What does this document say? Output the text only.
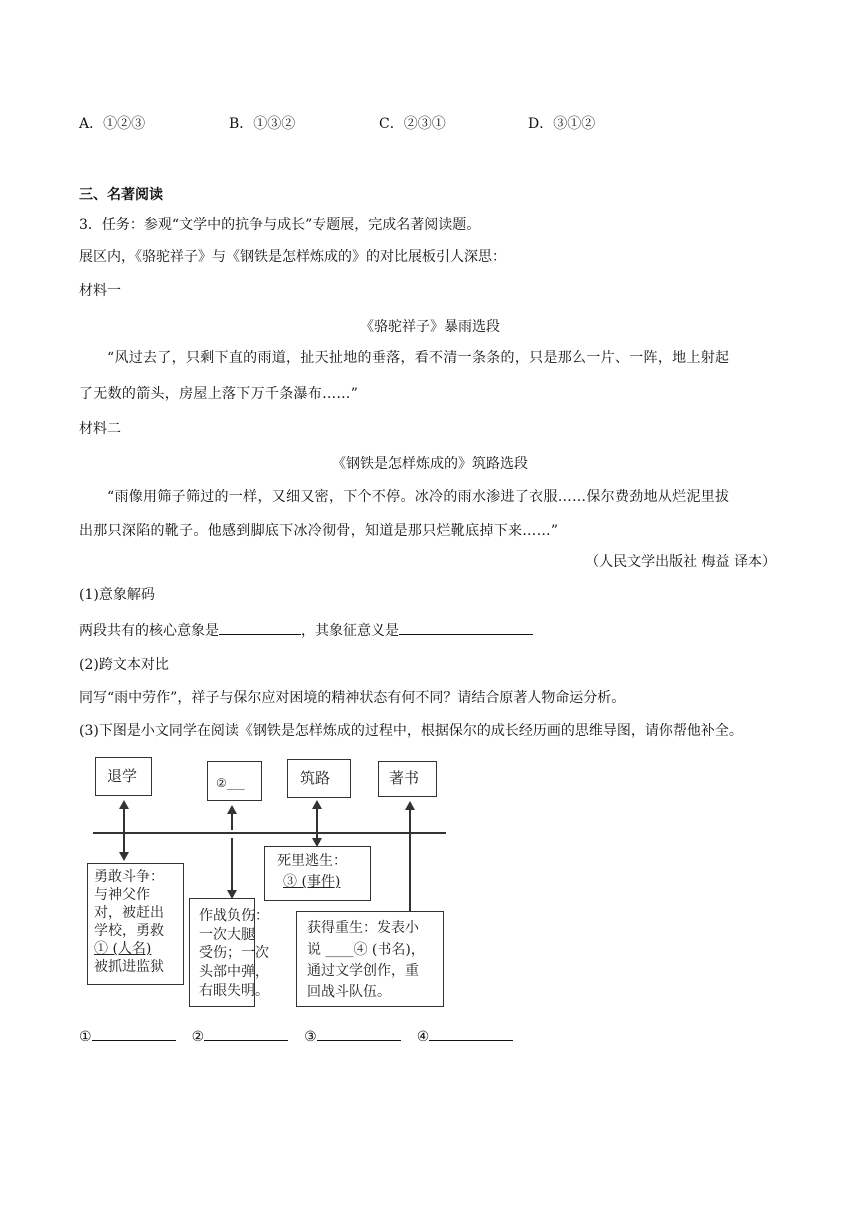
A．①②③	B．①③②	C．②③①	D．③①②
三、名著阅读
3．任务：参观“文学中的抗争与成长”专题展，完成名著阅读题。
展区内，《骆驼祥子》与《钢铁是怎样炼成的》的对比展板引人深思：
材料一
《骆驼祥子》暴雨选段
“风过去了，只剩下直的雨道，扯天扯地的垂落，看不清一条条的，只是那么一片、一阵，地上射起
了无数的箭头，房屋上落下万千条瀑布……”
材料二
《钢铁是怎样炼成的》筑路选段
“雨像用筛子筛过的一样，又细又密，下个不停。冰冷的雨水渗进了衣服……保尔费劲地从烂泥里拔
出那只深陷的靴子。他感到脚底下冰冷彻骨，知道是那只烂靴底掉下来……”
（人民文学出版社 梅益 译本）
(1)意象解码
两段共有的核心意象是	，其象征意义是
(2)跨文本对比
同写“雨中劳作”，祥子与保尔应对困境的精神状态有何不同？请结合原著人物命运分析。
(3)下图是小文同学在阅读《钢铁是怎样炼成的过程中，根据保尔的成长经历画的思维导图，请你帮他补全。
退学	②___	筑路	著书
勇敢斗争：
与神父作
对，被赶出
学校，勇救
① (人名)
被抓进监狱
作战负伤：
一次大腿
受伤；一次
头部中弹，
右眼失明。
死里逃生：
③ (事件)
获得重生：发表小
说 ____④ (书名)，
通过文学创作，重
回战斗队伍。
①	②	③	④
